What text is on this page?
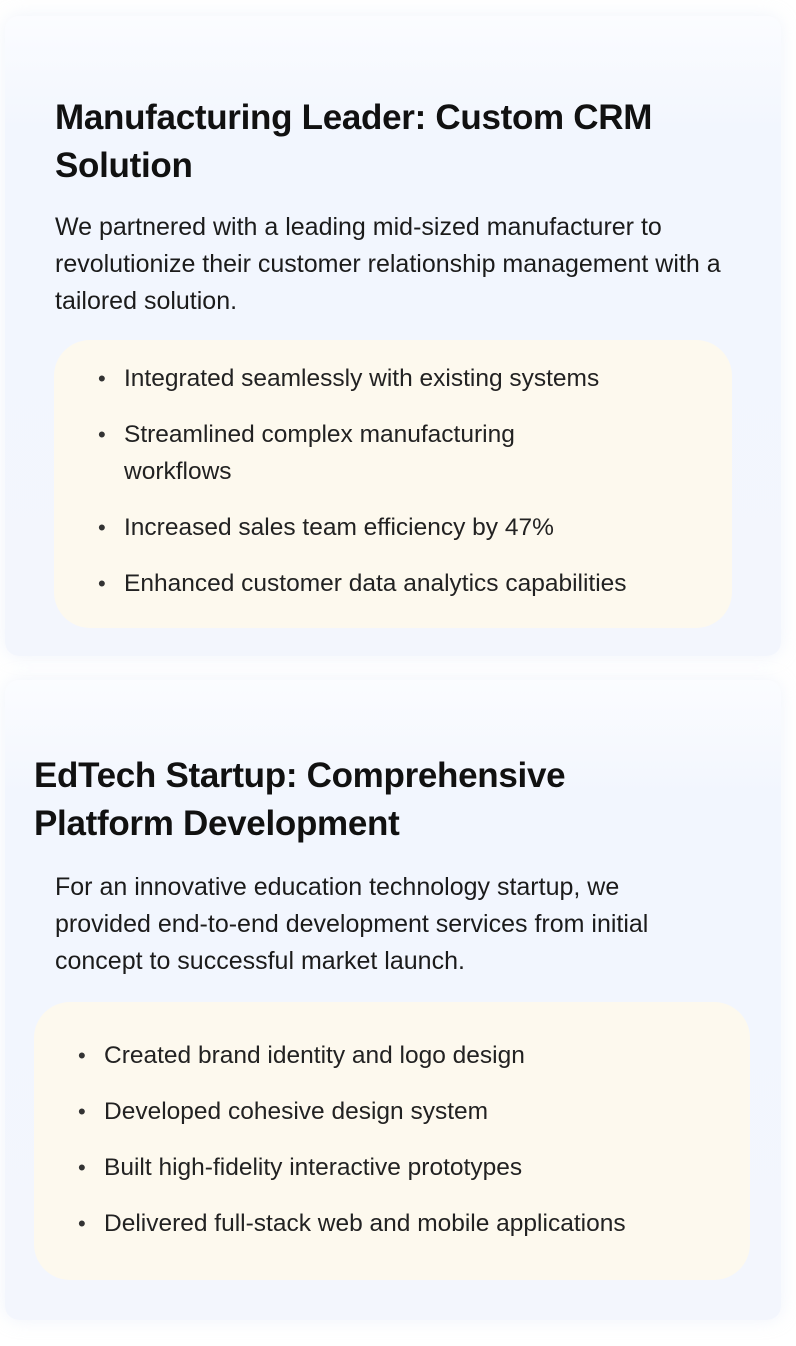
Manufacturing Leader: Custom CRM Solution

We partnered with a leading mid-sized manufacturer to revolutionize their customer relationship management with a tailored solution.

• Integrated seamlessly with existing systems
• Streamlined complex manufacturing workflows
• Increased sales team efficiency by 47%
• Enhanced customer data analytics capabilities
EdTech Startup: Comprehensive Platform Development

For an innovative education technology startup, we provided end-to-end development services from initial concept to successful market launch.

• Created brand identity and logo design
• Developed cohesive design system
• Built high-fidelity interactive prototypes
• Delivered full-stack web and mobile applications
